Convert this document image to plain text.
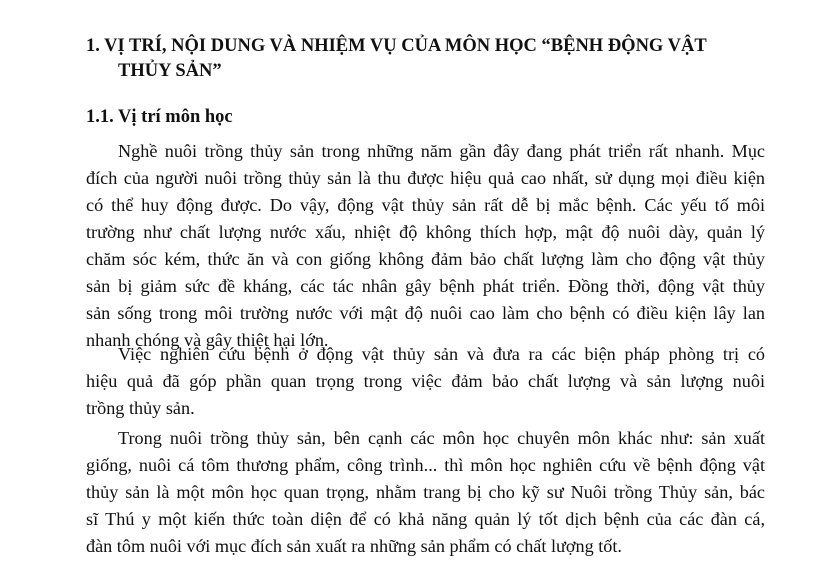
1. VỊ TRÍ, NỘI DUNG VÀ NHIỆM VỤ CỦA MÔN HỌC “BỆNH ĐỘNG VẬT
THỦY SẢN”
1.1. Vị trí môn học
Nghề nuôi trồng thủy sản trong những năm gần đây đang phát triển rất nhanh. Mục
đích của người nuôi trồng thủy sản là thu được hiệu quả cao nhất, sử dụng mọi điều kiện
có thể huy động được. Do vậy, động vật thủy sản rất dễ bị mắc bệnh. Các yếu tố môi
trường như chất lượng nước xấu, nhiệt độ không thích hợp, mật độ nuôi dày, quản lý
chăm sóc kém, thức ăn và con giống không đảm bảo chất lượng làm cho động vật thủy
sản bị giảm sức đề kháng, các tác nhân gây bệnh phát triển. Đồng thời, động vật thủy
sản sống trong môi trường nước với mật độ nuôi cao làm cho bệnh có điều kiện lây lan
nhanh chóng và gây thiệt hại lớn.
Việc nghiên cứu bệnh ở động vật thủy sản và đưa ra các biện pháp phòng trị có
hiệu quả đã góp phần quan trọng trong việc đảm bảo chất lượng và sản lượng nuôi
trồng thủy sản.
Trong nuôi trồng thủy sản, bên cạnh các môn học chuyên môn khác như: sản xuất
giống, nuôi cá tôm thương phẩm, công trình... thì môn học nghiên cứu về bệnh động vật
thủy sản là một môn học quan trọng, nhằm trang bị cho kỹ sư Nuôi trồng Thủy sản, bác
sĩ Thú y một kiến thức toàn diện để có khả năng quản lý tốt dịch bệnh của các đàn cá,
đàn tôm nuôi với mục đích sản xuất ra những sản phẩm có chất lượng tốt.
